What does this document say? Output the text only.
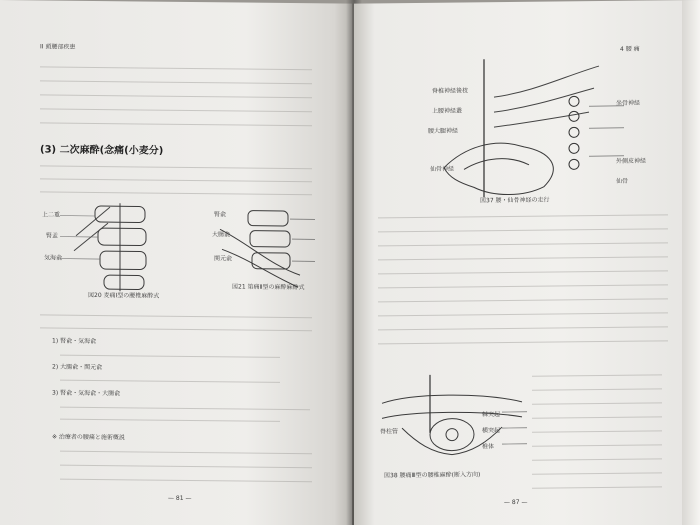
II 頭腰部疾患
(3) 二次麻酔(念痛(小麦分)
上二重
腎盂
気海兪
腎兪
大腸兪
関元兪
図20 麦痛Ⅰ型の腰椎麻酔式
図21 第痛Ⅱ型の麻酔麻酔式
1) 腎兪・気海兪
2) 大腸兪・関元兪
3) 腎兪・気海兪・大腸兪
※ 治療者の腰痛と施術概説
— 81 —
4 腰 痛
脊椎神経後枝
上腰神経叢
腰大腿神経
仙骨神経
坐骨神経
外側皮神経
仙骨
図37 腰・仙骨神経の走行
棘突起
横突起
椎体
脊柱管
図38 腰痛Ⅲ型の腰椎麻酔(断入方向)
— 87 —
